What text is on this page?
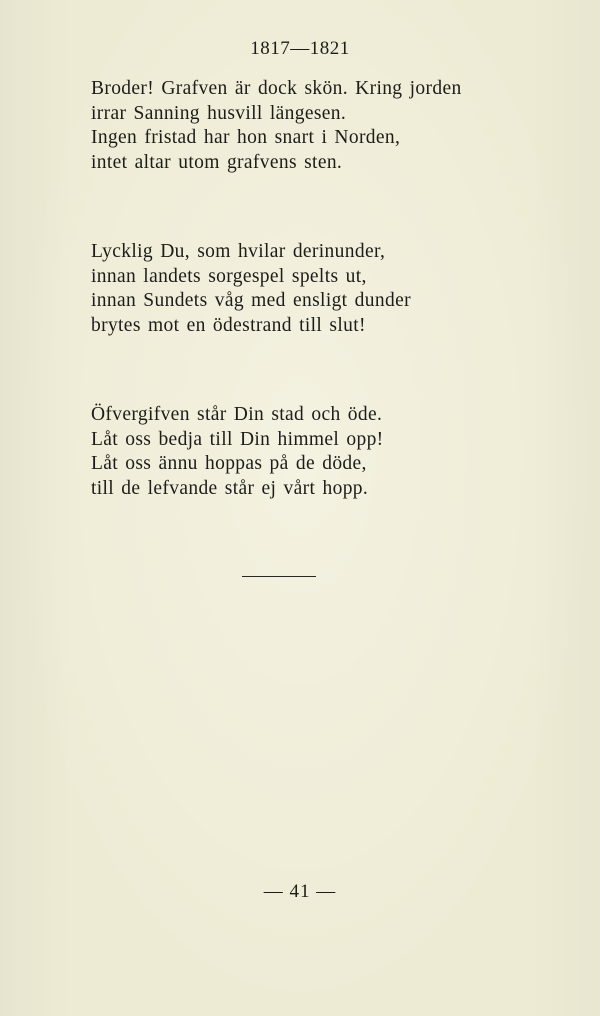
1817—1821
Broder! Grafven är dock skön. Kring jorden
irrar Sanning husvill längesen.
Ingen fristad har hon snart i Norden,
intet altar utom grafvens sten.
Lycklig Du, som hvilar derinunder,
innan landets sorgespel spelts ut,
innan Sundets våg med ensligt dunder
brytes mot en ödestrand till slut!
Öfvergifven står Din stad och öde.
Låt oss bedja till Din himmel opp!
Låt oss ännu hoppas på de döde,
till de lefvande står ej vårt hopp.
— 41 —
